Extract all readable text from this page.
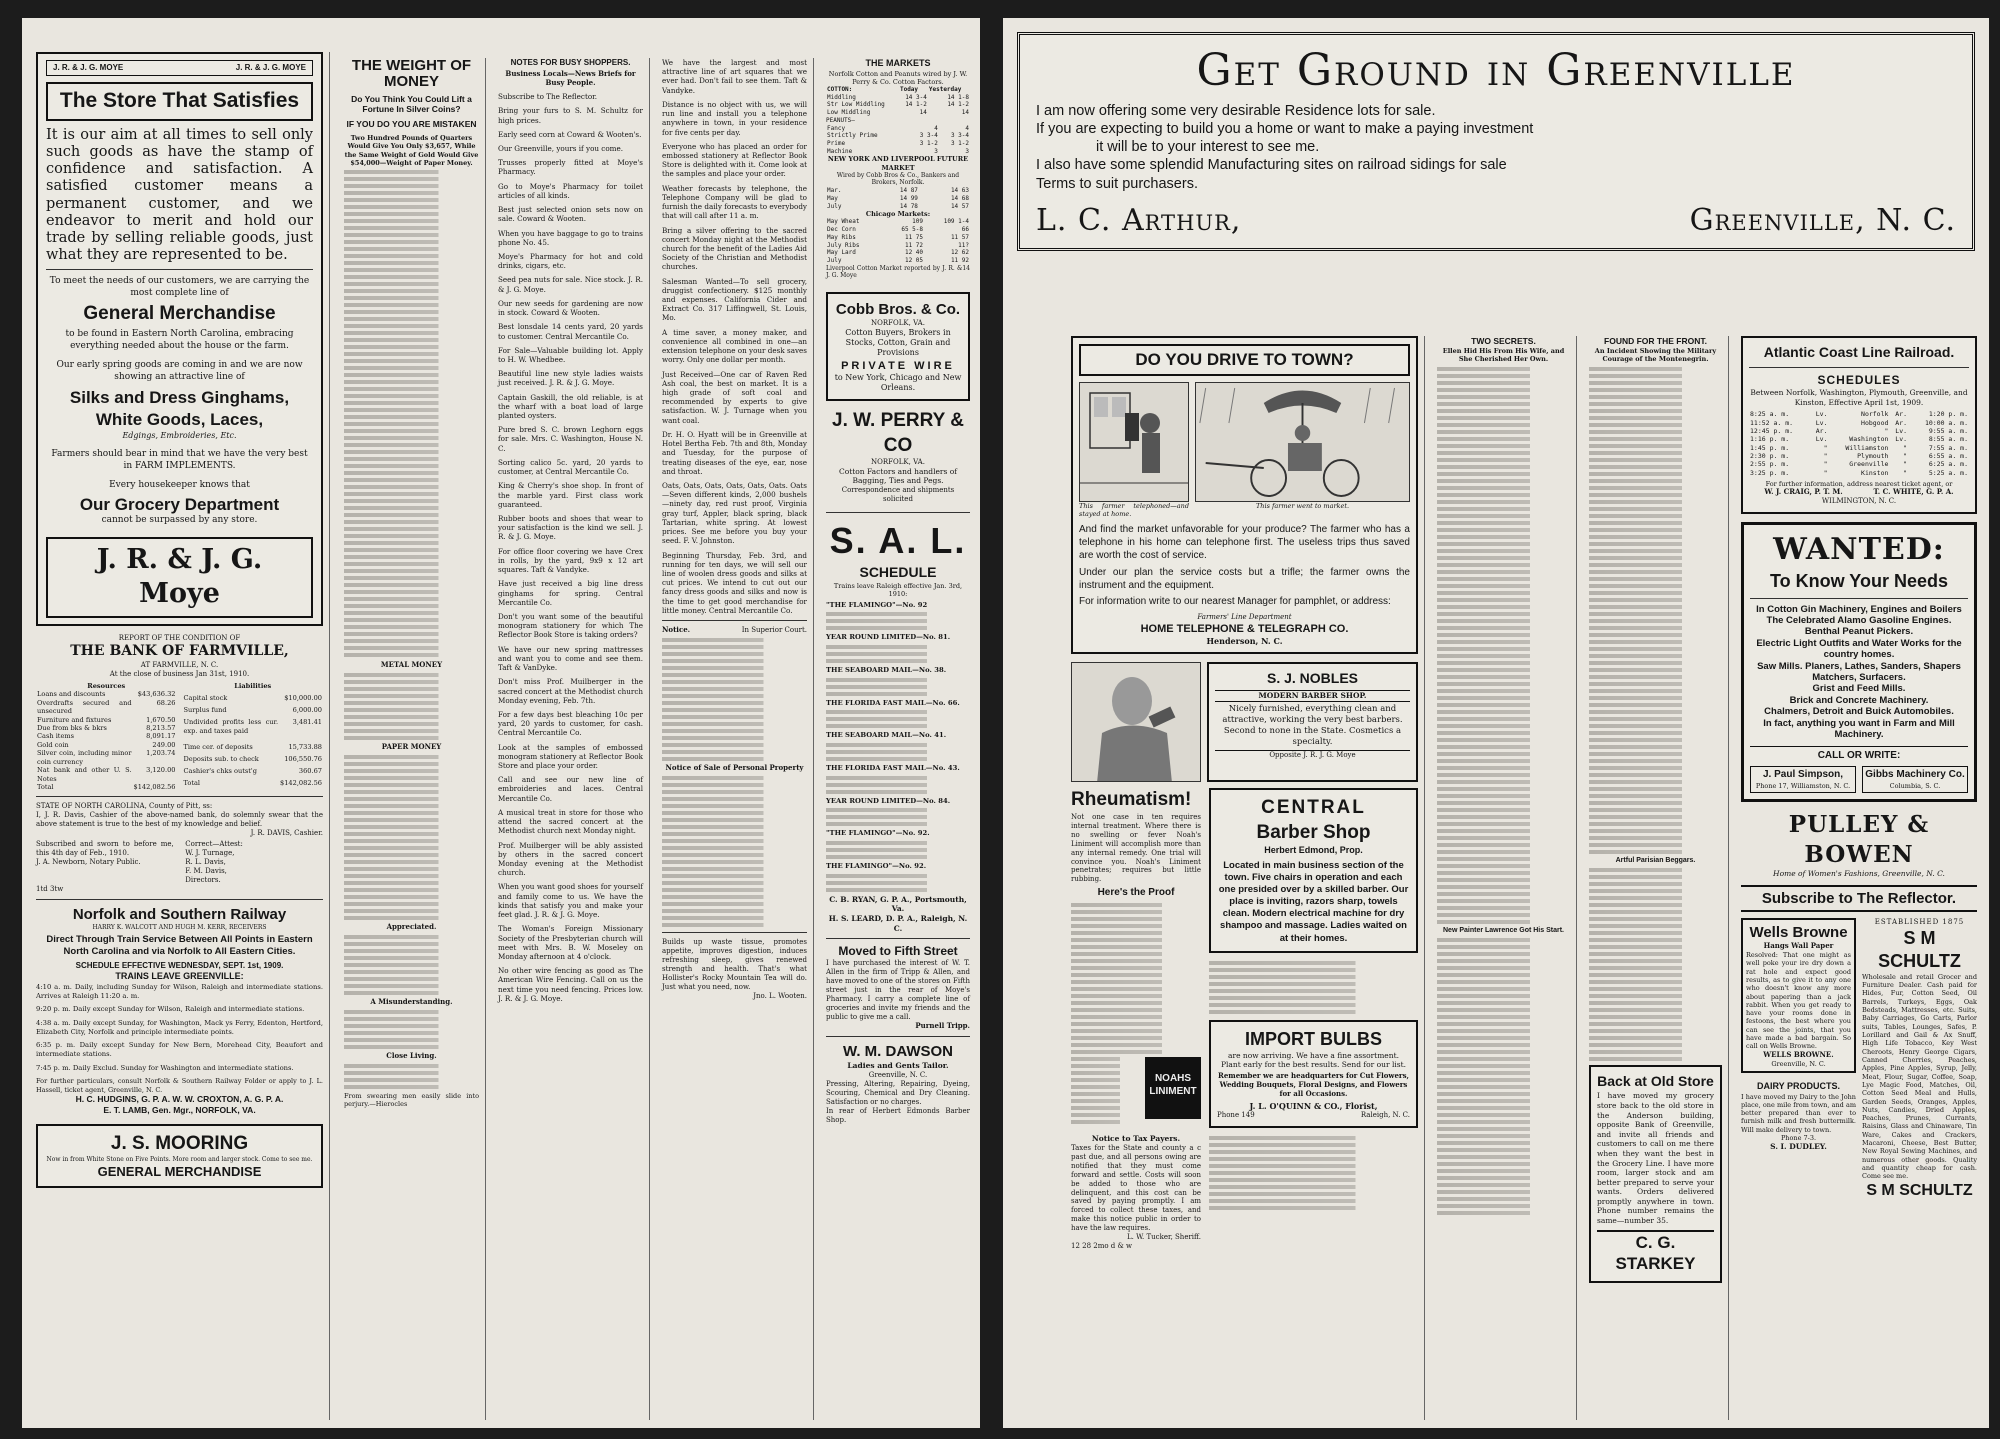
J. R. & J. G. MOYE	J. R. & J. G. MOYE
The Store That Satisfies
It is our aim at all times to sell only such goods as have the stamp of confidence and satisfaction. A satisfied customer means a permanent customer, and we endeavor to merit and hold our trade by selling reliable goods, just what they are represented to be.
To meet the needs of our customers, we are carrying the most complete line of
General Merchandise
to be found in Eastern North Carolina, embracing everything needed about the house or the farm.
Our early spring goods are coming in and we are now showing an attractive line of
Silks and Dress Ginghams,
White Goods, Laces,
Edgings, Embroideries, Etc.
Farmers should bear in mind that we have the very best in FARM IMPLEMENTS.
Every housekeeper knows that
Our Grocery Department
cannot be surpassed by any store.
J. R. & J. G. Moye
REPORT OF THE CONDITION OF
THE BANK OF FARMVILLE,
AT FARMVILLE, N. C.
At the close of business Jan 31st, 1910.
Resources	
Loans and discounts	$43,636.32
Overdrafts secured and unsecured	68.26
Furniture and fixtures	1,670.50
Due from bks & bkrs	8,213.57
Cash items	8,091.17
Gold coin	249.00
Silver coin, including minor coin currency	1,203.74
Nat bank and other U. S. Notes	3,120.00
Total	$142,082.56
Liabilities	
Capital stock	$10,000.00
Surplus fund	6,000.00
Undivided profits less cur. exp. and taxes paid	3,481.41
Time cer. of deposits	15,733.88
Deposits sub. to check	106,550.76
Cashier's chks outst'g	360.67
Total	$142,082.56
STATE OF NORTH CAROLINA, County of Pitt, ss:
I, J. R. Davis, Cashier of the above-named bank, do solemnly swear that the above statement is true to the best of my knowledge and belief.
J. R. DAVIS, Cashier.
Subscribed and sworn to before me, this 4th day of Feb., 1910.
J. A. Newborn, Notary Public.
Correct—Attest:
W. J. Turnage,
R. L. Davis,
F. M. Davis,
Directors.
1td 3tw
Norfolk and Southern Railway
HARRY K. WALCOTT AND HUGH M. KERR, RECEIVERS
Direct Through Train Service Between All Points in Eastern North Carolina and via Norfolk to All Eastern Cities.
SCHEDULE EFFECTIVE WEDNESDAY, SEPT. 1st, 1909.
TRAINS LEAVE GREENVILLE:

4:10 a. m. Daily, including Sunday for Wilson, Raleigh and intermediate stations. Arrives at Raleigh 11:20 a. m.

9:20 p. m. Daily except Sunday for Wilson, Raleigh and intermediate stations.

4:38 a. m. Daily except Sunday, for Washington, Mack ys Ferry, Edenton, Hertford, Elizabeth City, Norfolk and principle intermediate points.

6:35 p. m. Daily except Sunday for New Bern, Morehead City, Beaufort and intermediate stations.

7:45 p. m. Daily Exclud. Sunday for Washington and intermediate stations.

For further particulars, consult Norfolk & Southern Railway Folder or apply to J. L. Hassell, ticket agent, Greenville, N. C.
H. C. HUDGINS, G. P. A. W. W. CROXTON, A. G. P. A.
E. T. LAMB, Gen. Mgr., NORFOLK, VA.
J. S. MOORING
Now in from White Stone on Five Points. More room and larger stock. Come to see me.
GENERAL MERCHANDISE
THE WEIGHT OF MONEY
Do You Think You Could Lift a Fortune In Silver Coins?
IF YOU DO YOU ARE MISTAKEN
Two Hundred Pounds of Quarters Would Give You Only $3,657, While the Same Weight of Gold Would Give $54,000—Weight of Paper Money.
METAL MONEY
PAPER MONEY
Appreciated.
A Misunderstanding.
Close Living.
From swearing men easily slide into perjury.—Hierocles
NOTES FOR BUSY SHOPPERS.
Business Locals—News Briefs for Busy People.

Subscribe to The Reflector.

Bring your furs to S. M. Schultz for high prices.

Early seed corn at Coward & Wooten's.

Our Greenville, yours if you come.

Trusses properly fitted at Moye's Pharmacy.

Go to Moye's Pharmacy for toilet articles of all kinds.

Best just selected onion sets now on sale. Coward & Wooten.

When you have baggage to go to trains phone No. 45.

Moye's Pharmacy for hot and cold drinks, cigars, etc.

Seed pea nuts for sale. Nice stock. J. R. & J. G. Moye.

Our new seeds for gardening are now in stock. Coward & Wooten.

Best lonsdale 14 cents yard, 20 yards to customer. Central Mercantile Co.

For Sale—Valuable building lot. Apply to H. W. Whedbee.

Beautiful line new style ladies waists just received. J. R. & J. G. Moye.

Captain Gaskill, the old reliable, is at the wharf with a boat load of large planted oysters.

Pure bred S. C. brown Leghorn eggs for sale. Mrs. C. Washington, House N. C.

Sorting calico 5c. yard, 20 yards to customer, at Central Mercantile Co.

King & Cherry's shoe shop. In front of the marble yard. First class work guaranteed.

Rubber boots and shoes that wear to your satisfaction is the kind we sell. J. R. & J. G. Moye.

For office floor covering we have Crex in rolls, by the yard, 9x9 x 12 art squares. Taft & Vandyke.

Have just received a big line dress ginghams for spring. Central Mercantile Co.

Don't you want some of the beautiful monogram stationery for which The Reflector Book Store is taking orders?

We have our new spring mattresses and want you to come and see them. Taft & VanDyke.

Don't miss Prof. Muilberger in the sacred concert at the Methodist church Monday evening, Feb. 7th.

For a few days best bleaching 10c per yard, 20 yards to customer, for cash. Central Mercantile Co.

Look at the samples of embossed monogram stationery at Reflector Book Store and place your order.

Call and see our new line of embroideries and laces. Central Mercantile Co.

A musical treat in store for those who attend the sacred concert at the Methodist church next Monday night.

Prof. Muilberger will be ably assisted by others in the sacred concert Monday evening at the Methodist church.

When you want good shoes for yourself and family come to us. We have the kinds that satisfy you and make your feet glad. J. R. & J. G. Moye.

The Woman's Foreign Missionary Society of the Presbyterian church will meet with Mrs. B. W. Moseley on Monday afternoon at 4 o'clock.

No other wire fencing as good as The American Wire Fencing. Call on us the next time you need fencing. Prices low. J. R. & J. G. Moye.

We have the largest and most attractive line of art squares that we ever had. Don't fail to see them. Taft & Vandyke.

Distance is no object with us, we will run line and install you a telephone anywhere in town, in your residence for five cents per day.

Everyone who has placed an order for embossed stationery at Reflector Book Store is delighted with it. Come look at the samples and place your order.

Weather forecasts by telephone, the Telephone Company will be glad to furnish the daily forecasts to everybody that will call after 11 a. m.

Bring a silver offering to the sacred concert Monday night at the Methodist church for the benefit of the Ladies Aid Society of the Christian and Methodist churches.

Salesman Wanted—To sell grocery, druggist confectionery. $125 monthly and expenses. California Cider and Extract Co. 317 Liffingwell, St. Louis, Mo.

A time saver, a money maker, and convenience all combined in one—an extension telephone on your desk saves worry. Only one dollar per month.

Just Received—One car of Raven Red Ash coal, the best on market. It is a high grade of soft coal and recommended by experts to give satisfaction. W. J. Turnage when you want coal.

Dr. H. O. Hyatt will be in Greenville at Hotel Bertha Feb. 7th and 8th, Monday and Tuesday, for the purpose of treating diseases of the eye, ear, nose and throat.

Oats, Oats, Oats, Oats, Oats, Oats. Oats—Seven different kinds, 2,000 bushels—ninety day, red rust proof, Virginia gray turf, Appler, black spring, black Tartarian, white spring. At lowest prices. See me before you buy your seed. F. V. Johnston.

Beginning Thursday, Feb. 3rd, and running for ten days, we will sell our line of woolen dress goods and silks at cut prices. We intend to cut out our fancy dress goods and silks and now is the time to get good merchandise for little money. Central Mercantile Co.

Notice.	In Superior Court.
Notice of Sale of Personal Property
Builds up waste tissue, promotes appetite, improves digestion, induces refreshing sleep, gives renewed strength and health. That's what Hollister's Rocky Mountain Tea will do. Just what you need, now.
Jno. L. Wooten.
THE MARKETS
Norfolk Cotton and Peanuts wired by J. W. Perry & Co. Cotton Factors.
COTTON:	Today	Yesterday
Middling	14 3-4	14 1-8
Str Low Middling	14 1-2	14 1-2
Low Middling	14	14
PEANUTS—
Fancy	4	4
Strictly Prime	3 3-4	3 3-4
Prime	3 1-2	3 1-2
Machine	3	3
NEW YORK AND LIVERPOOL FUTURE MARKET
Wired by Cobb Bros & Co., Bankers and Brokers, Norfolk.
Mar.	14 87	14 63
May	14 99	14 68
July	14 78	14 57
Chicago Markets:
May Wheat	109	109 1-4
Dec Corn	65 5-8	66
May Ribs	11 75	11 57
July Ribs	11 72	11?
May Lard	12 40	12 62
July	12 05	11 92
Liverpool Cotton Market reported by J. R. & J. G. Moye
14
Cobb Bros. & Co.
NORFOLK, VA.
Cotton Buyers, Brokers in Stocks, Cotton, Grain and Provisions
PRIVATE WIRE
to New York, Chicago and New Orleans.
J. W. PERRY & CO
NORFOLK, VA.
Cotton Factors and handlers of Bagging, Ties and Pegs.
Correspondence and shipments solicited
S. A. L.
SCHEDULE
Trains leave Raleigh effective Jan. 3rd, 1910:
"THE FLAMINGO"—No. 92
YEAR ROUND LIMITED—No. 81.
THE SEABOARD MAIL—No. 38.
THE FLORIDA FAST MAIL—No. 66.
THE SEABOARD MAIL—No. 41.
THE FLORIDA FAST MAIL—No. 43.
YEAR ROUND LIMITED—No. 84.
"THE FLAMINGO"—No. 92.
THE FLAMINGO"—No. 92.
C. B. RYAN, G. P. A., Portsmouth, Va.
H. S. LEARD, D. P. A., Raleigh, N. C.
Moved to Fifth Street
I have purchased the interest of W. T. Allen in the firm of Tripp & Allen, and have moved to one of the stores on Fifth street just in the rear of Moye's Pharmacy. I carry a complete line of groceries and invite my friends and the public to give me a call.
Purnell Tripp.
W. M. DAWSON
Ladies and Gents Tailor.
Greenville, N. C.
Pressing, Altering, Repairing, Dyeing, Scouring, Chemical and Dry Cleaning. Satisfaction or no charges.
In rear of Herbert Edmonds Barber Shop.
Get Ground in Greenville
I am now offering some very desirable Residence lots for sale.
If you are expecting to build you a home or want to make a paying investment
it will be to your interest to see me.
I also have some splendid Manufacturing sites on railroad sidings for sale
Terms to suit purchasers.
L. C. Arthur,	Greenville, N. C.
DO YOU DRIVE TO TOWN?
This farmer telephoned—and stayed at home.
This farmer went to market.
And find the market unfavorable for your produce? The farmer who has a telephone in his home can telephone first. The useless trips thus saved are worth the cost of service.
Under our plan the service costs but a trifle; the farmer owns the instrument and the equipment.
For information write to our nearest Manager for pamphlet, or address:
Farmers' Line Department
HOME TELEPHONE & TELEGRAPH CO.
Henderson, N. C.
S. J. NOBLES
MODERN BARBER SHOP.
Nicely furnished, everything clean and attractive, working the very best barbers. Second to none in the State. Cosmetics a specialty.
Opposite J. R. J. G. Moye
Rheumatism!
Not one case in ten requires internal treatment. Where there is no swelling or fever Noah's Liniment will accomplish more than any internal remedy. One trial will convince you. Noah's Liniment penetrates; requires but little rubbing.
Here's the Proof
NOAHS LINIMENT
Notice to Tax Payers.
Taxes for the State and county a c past due, and all persons owing are notified that they must come forward and settle. Costs will soon be added to those who are delinquent, and this cost can be saved by paying promptly. I am forced to collect these taxes, and make this notice public in order to have the law requires.
L. W. Tucker, Sheriff.
12 28 2mo d & w
CENTRAL
Barber Shop
Herbert Edmond, Prop.
Located in main business section of the town. Five chairs in operation and each one presided over by a skilled barber. Our place is inviting, razors sharp, towels clean. Modern electrical machine for dry shampoo and massage. Ladies waited on at their homes.
IMPORT BULBS
are now arriving. We have a fine assortment. Plant early for the best results. Send for our list.
Remember we are headquarters for Cut Flowers, Wedding Bouquets, Floral Designs, and Flowers for all Occasions.
J. L. O'QUINN & CO., Florist,
Phone 149	Raleigh, N. C.
TWO SECRETS.
Ellen Hid His From His Wife, and She Cherished Her Own.
New Painter Lawrence Got His Start.
FOUND FOR THE FRONT.
An Incident Showing the Military Courage of the Montenegrin.
Artful Parisian Beggars.
Back at Old Store
I have moved my grocery store back to the old store in the Anderson building, opposite Bank of Greenville, and invite all friends and customers to call on me there when they want the best in the Grocery Line. I have more room, larger stock and am better prepared to serve your wants. Orders delivered promptly anywhere in town. Phone number remains the same—number 35.
C. G. STARKEY
Atlantic Coast Line Railroad.
SCHEDULES
Between Norfolk, Washington, Plymouth, Greenville, and Kinston, Effective April 1st, 1909.
8:25 a. m.	Lv.	Norfolk	Ar.	1:20 p. m.
11:52 a. m.	Lv.	Hobgood	Ar.	10:00 a. m.
12:45 p. m.	Ar.	"	Lv.	9:55 a. m.
1:16 p. m.	Lv.	Washington	Lv.	8:55 a. m.
1:45 p. m.	"	Williamston	"	7:55 a. m.
2:30 p. m.	"	Plymouth	"	6:55 a. m.
2:55 p. m.	"	Greenville	"	6:25 a. m.
3:25 p. m.	"	Kinston	"	5:25 a. m.
For further information, address nearest ticket agent, or
W. J. CRAIG, P. T. M.	T. C. WHITE, G. P. A.
WILMINGTON, N. C.
WANTED:
To Know Your Needs
In Cotton Gin Machinery, Engines and Boilers
The Celebrated Alamo Gasoline Engines.
Benthal Peanut Pickers.
Electric Light Outfits and Water Works for the country homes.
Saw Mills. Planers, Lathes, Sanders, Shapers
Matchers, Surfacers.
Grist and Feed Mills.
Brick and Concrete Machinery.
Chalmers, Detroit and Buick Automobiles.
In fact, anything you want in Farm and Mill Machinery.
CALL OR WRITE:
J. Paul Simpson,
Phone 17, Williamston, N. C.
Gibbs Machinery Co.
Columbia, S. C.
PULLEY & BOWEN
Home of Women's Fashions, Greenville, N. C.
Subscribe to The Reflector.
Wells Browne
Hangs Wall Paper
Resolved: That one might as well poke your ire dry down a rat hole and expect good results, as to give it to any one who doesn't know any more about papering than a jack rabbit. When you get ready to have your rooms done in festoons, the best where you can see the joints, that you have made a bad bargain. So call on Wells Browne.
WELLS BROWNE.
Greenville, N. C.
DAIRY PRODUCTS.
I have moved my Dairy to the John place, one mile from town, and am better prepared than ever to furnish milk and fresh buttermilk. Will make delivery to town.
Phone 7-3.
S. I. DUDLEY.
ESTABLISHED 1875
S M SCHULTZ
Wholesale and retail Grocer and Furniture Dealer. Cash paid for Hides, Fur, Cotton Seed, Oil Barrels, Turkeys, Eggs, Oak Bedsteads, Mattresses, etc. Suits, Baby Carriages, Go Carts, Parlor suits, Tables, Lounges, Safes, P. Lorillard and Gail & Ax Snuff, High Life Tobacco, Key West Cheroots, Henry George Cigars, Canned Cherries, Peaches, Apples, Pine Apples, Syrup, Jelly, Meat, Flour, Sugar, Coffee, Soap, Lye Magic Food, Matches, Oil, Cotton Seed Meal and Hulls, Garden Seeds, Oranges, Apples, Nuts, Candies, Dried Apples, Peaches, Prunes, Currants, Raisins, Glass and Chinaware, Tin Ware, Cakes and Crackers, Macaroni, Cheese, Best Butter, New Royal Sewing Machines, and numerous other goods. Quality and quantity cheap for cash. Come see me.
S M SCHULTZ
